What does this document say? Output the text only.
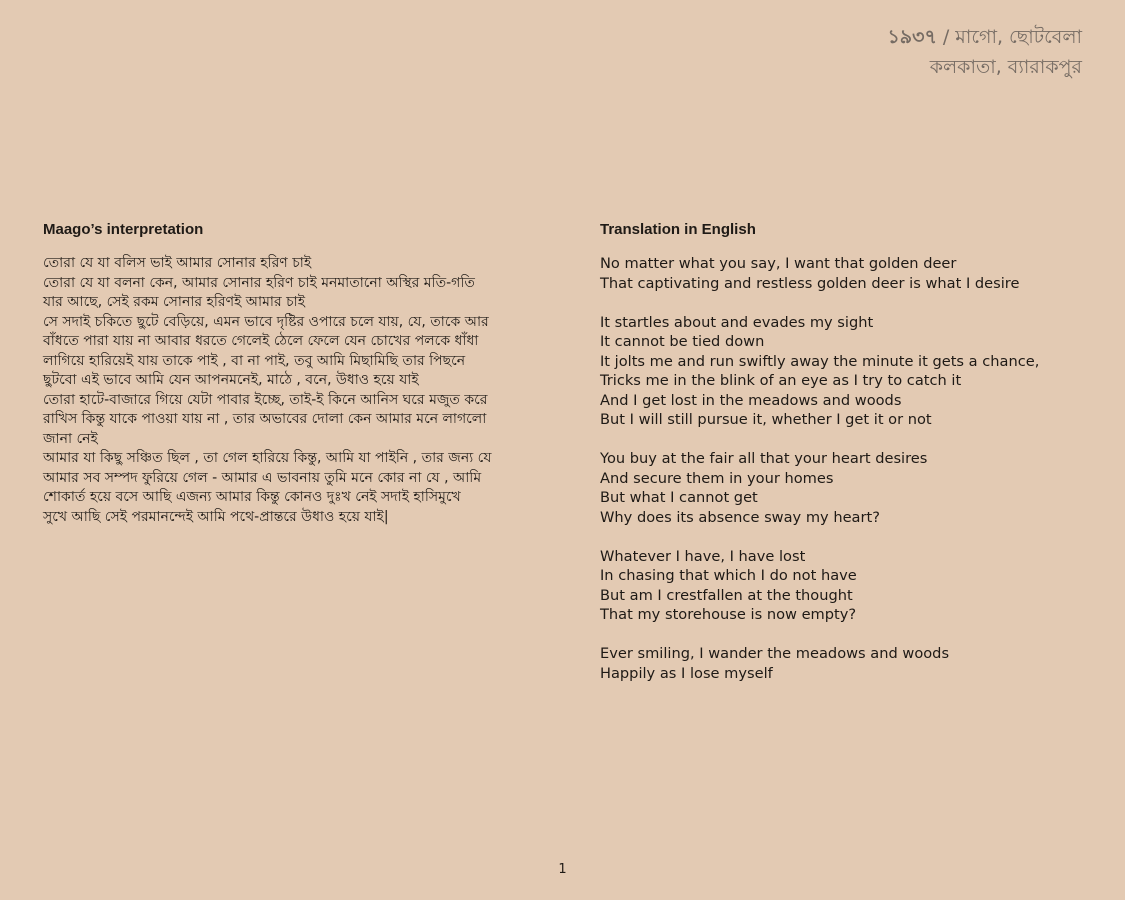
১৯৩৭ / মাগো, ছোটবেলা
কলকাতা, ব্যারাকপুর
Maago’s interpretation
তোরা যে যা বলিস ভাই আমার সোনার হরিণ চাই
তোরা যে যা বলনা কেন, আমার সোনার হরিণ চাই মনমাতানো অস্থির মতি-গতি
যার আছে, সেই রকম সোনার হরিণই আমার চাই
সে সদাই চকিতে ছুটে বেড়িয়ে, এমন ভাবে দৃষ্টির ওপারে চলে যায়, যে, তাকে আর
বাঁধতে পারা যায় না আবার ধরতে গেলেই ঠেলে ফেলে যেন চোখের পলকে ধাঁধা
লাগিয়ে হারিয়েই যায় তাকে পাই , বা না পাই, তবু আমি মিছামিছি তার পিছনে
ছুটবো এই ভাবে আমি যেন আপনমনেই, মাঠে , বনে, উধাও হয়ে যাই
তোরা হাটে-বাজারে গিয়ে যেটা পাবার ইচ্ছে, তাই-ই কিনে আনিস ঘরে মজুত করে
রাখিস কিন্তু যাকে পাওয়া যায় না , তার অভাবের দোলা কেন আমার মনে লাগলো
জানা নেই
আমার যা কিছু সঞ্চিত ছিল , তা গেল হারিয়ে কিন্তু, আমি যা পাইনি , তার জন্য যে
আমার সব সম্পদ ফুরিয়ে গেল - আমার এ ভাবনায় তুমি মনে কোর না যে , আমি
শোকার্ত হয়ে বসে আছি এজন্য আমার কিন্তু কোনও দুঃখ নেই সদাই হাসিমুখে
সুখে আছি সেই পরমানন্দেই আমি পথে-প্রান্তরে উধাও হয়ে যাই|
Translation in English
No matter what you say, I want that golden deer
That captivating and restless golden deer is what I desire
It startles about and evades my sight
It cannot be tied down
It jolts me and run swiftly away the minute it gets a chance,
Tricks me in the blink of an eye as I try to catch it
And I get lost in the meadows and woods
But I will still pursue it, whether I get it or not
You buy at the fair all that your heart desires
And secure them in your homes
But what I cannot get
Why does its absence sway my heart?
Whatever I have, I have lost
In chasing that which I do not have
But am I crestfallen at the thought
That my storehouse is now empty?
Ever smiling, I wander the meadows and woods
Happily as I lose myself
1
